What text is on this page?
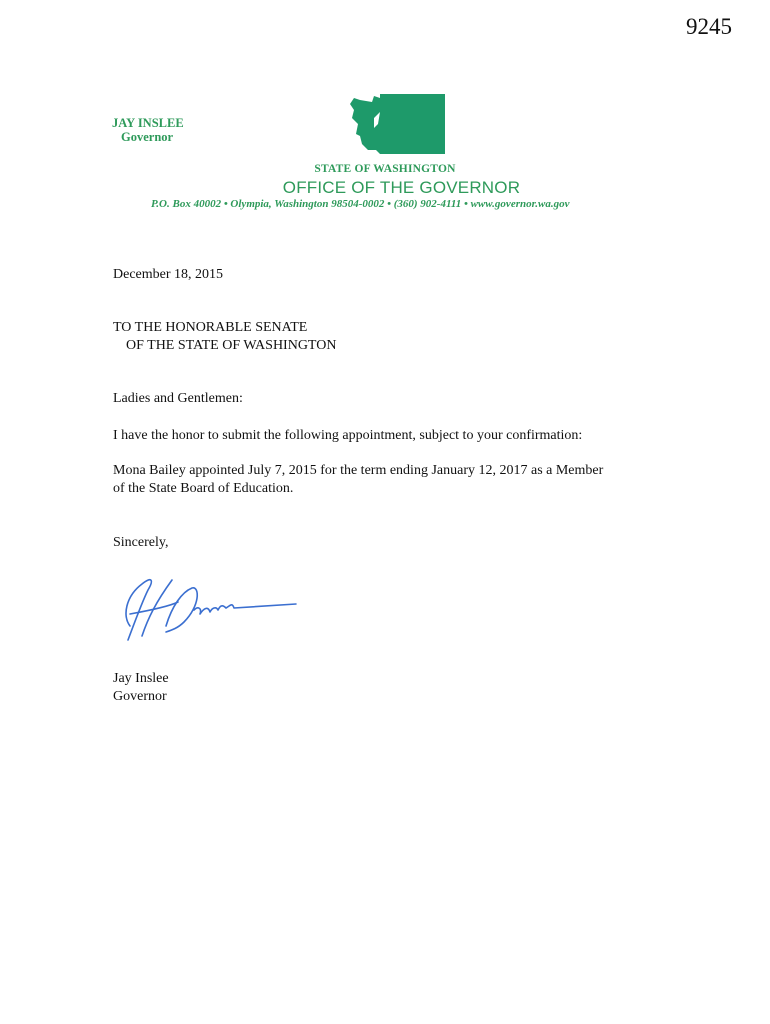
9245
JAY INSLEE
Governor
STATE OF WASHINGTON
OFFICE OF THE GOVERNOR
P.O. Box 40002 • Olympia, Washington 98504-0002 • (360) 902-4111 • www.governor.wa.gov
December 18, 2015
TO THE HONORABLE SENATE
OF THE STATE OF WASHINGTON
Ladies and Gentlemen:
I have the honor to submit the following appointment, subject to your confirmation:
Mona Bailey appointed July 7, 2015 for the term ending January 12, 2017 as a Member
of the State Board of Education.
Sincerely,
Jay Inslee
Governor
